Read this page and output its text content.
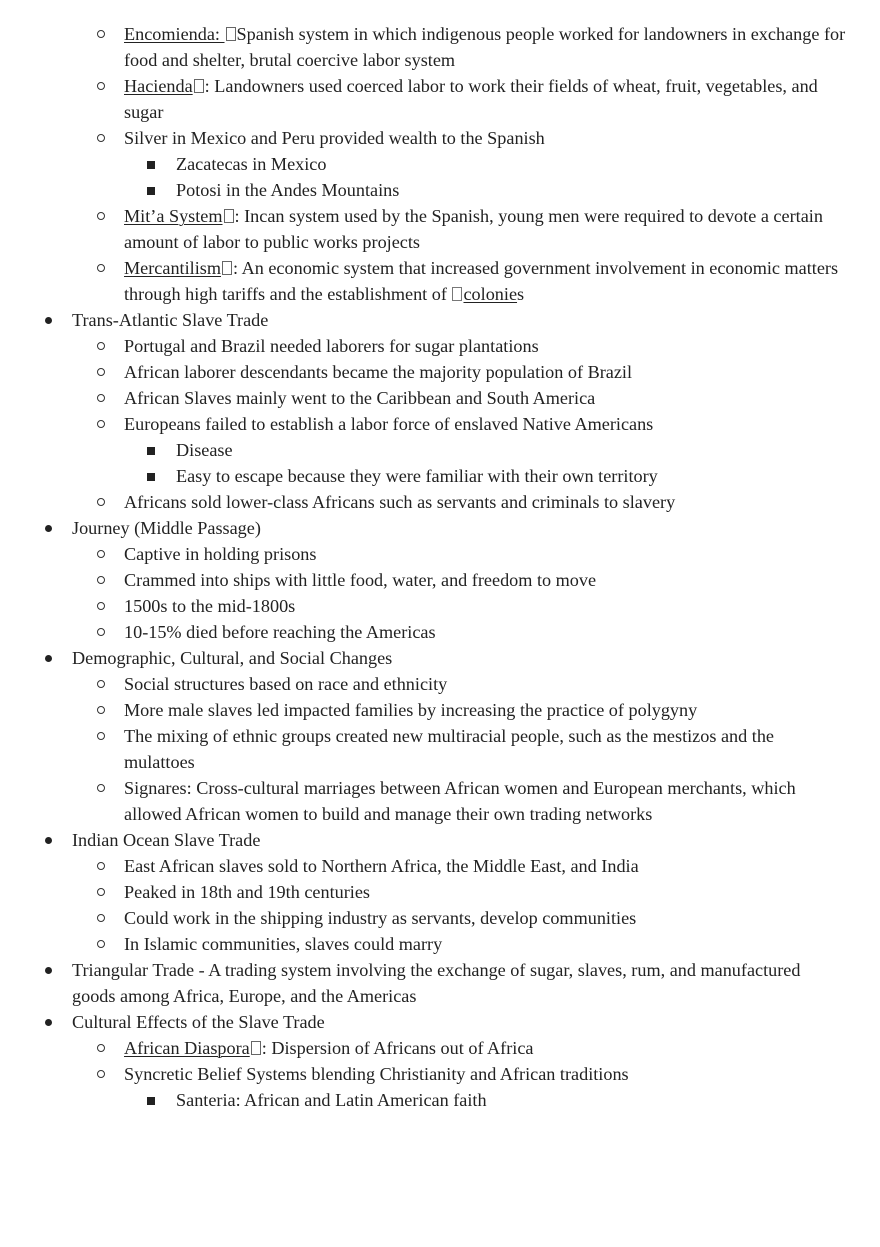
Encomienda: Spanish system in which indigenous people worked for landowners in exchange for
food and shelter, brutal coercive labor system
Hacienda : Landowners used coerced labor to work their fields of wheat, fruit, vegetables, and
sugar
Silver in Mexico and Peru provided wealth to the Spanish
Zacatecas in Mexico
Potosi in the Andes Mountains
Mit’a System : Incan system used by the Spanish, young men were required to devote a certain
amount of labor to public works projects
Mercantilism : An economic system that increased government involvement in economic matters
through high tariffs and the establishment of colonies
Trans-Atlantic Slave Trade
Portugal and Brazil needed laborers for sugar plantations
African laborer descendants became the majority population of Brazil
African Slaves mainly went to the Caribbean and South America
Europeans failed to establish a labor force of enslaved Native Americans
Disease
Easy to escape because they were familiar with their own territory
Africans sold lower-class Africans such as servants and criminals to slavery
Journey (Middle Passage)
Captive in holding prisons
Crammed into ships with little food, water, and freedom to move
1500s to the mid-1800s
10-15% died before reaching the Americas
Demographic, Cultural, and Social Changes
Social structures based on race and ethnicity
More male slaves led impacted families by increasing the practice of polygyny
The mixing of ethnic groups created new multiracial people, such as the mestizos and the
mulattoes
Signares: Cross-cultural marriages between African women and European merchants, which
allowed African women to build and manage their own trading networks
Indian Ocean Slave Trade
East African slaves sold to Northern Africa, the Middle East, and India
Peaked in 18th and 19th centuries
Could work in the shipping industry as servants, develop communities
In Islamic communities, slaves could marry
Triangular Trade - A trading system involving the exchange of sugar, slaves, rum, and manufactured
goods among Africa, Europe, and the Americas
Cultural Effects of the Slave Trade
African Diaspora : Dispersion of Africans out of Africa
Syncretic Belief Systems blending Christianity and African traditions
Santeria: African and Latin American faith
